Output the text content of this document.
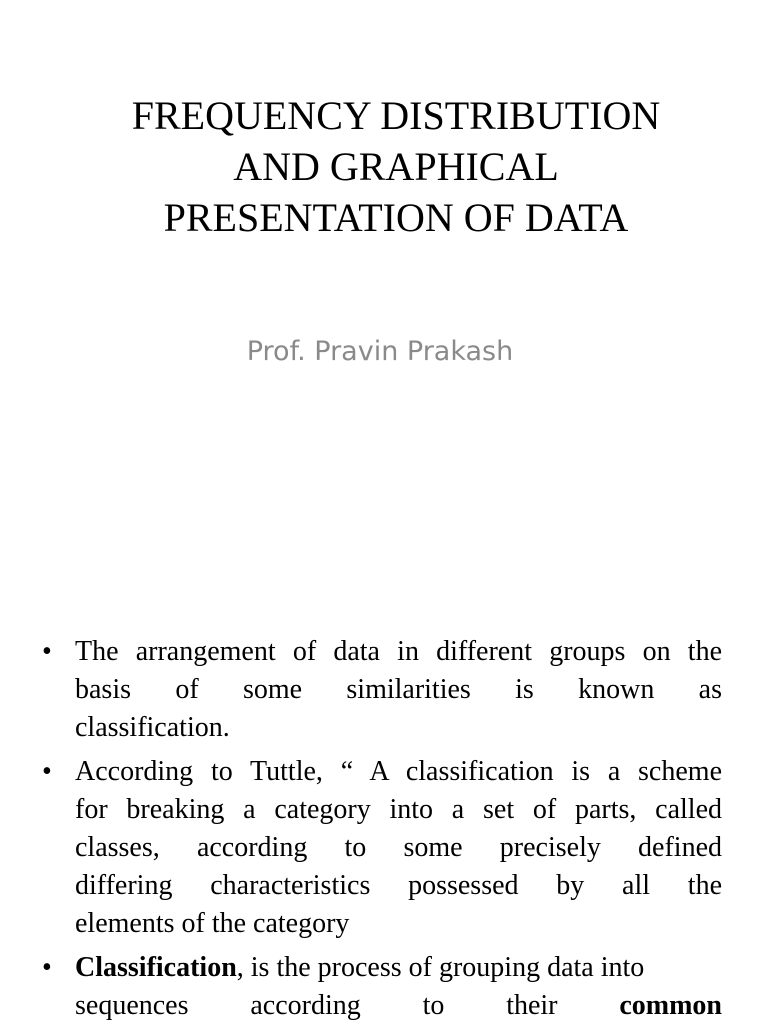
FREQUENCY DISTRIBUTION
AND GRAPHICAL
PRESENTATION OF DATA
Prof. Pravin Prakash
• The arrangement of data in different groups on the
basis of some similarities is known as
classification.
• According to Tuttle, “ A classification is a scheme
for breaking a category into a set of parts, called
classes, according to some precisely defined
differing characteristics possessed by all the
elements of the category
• Classification, is the process of grouping data into
sequences according to their common
